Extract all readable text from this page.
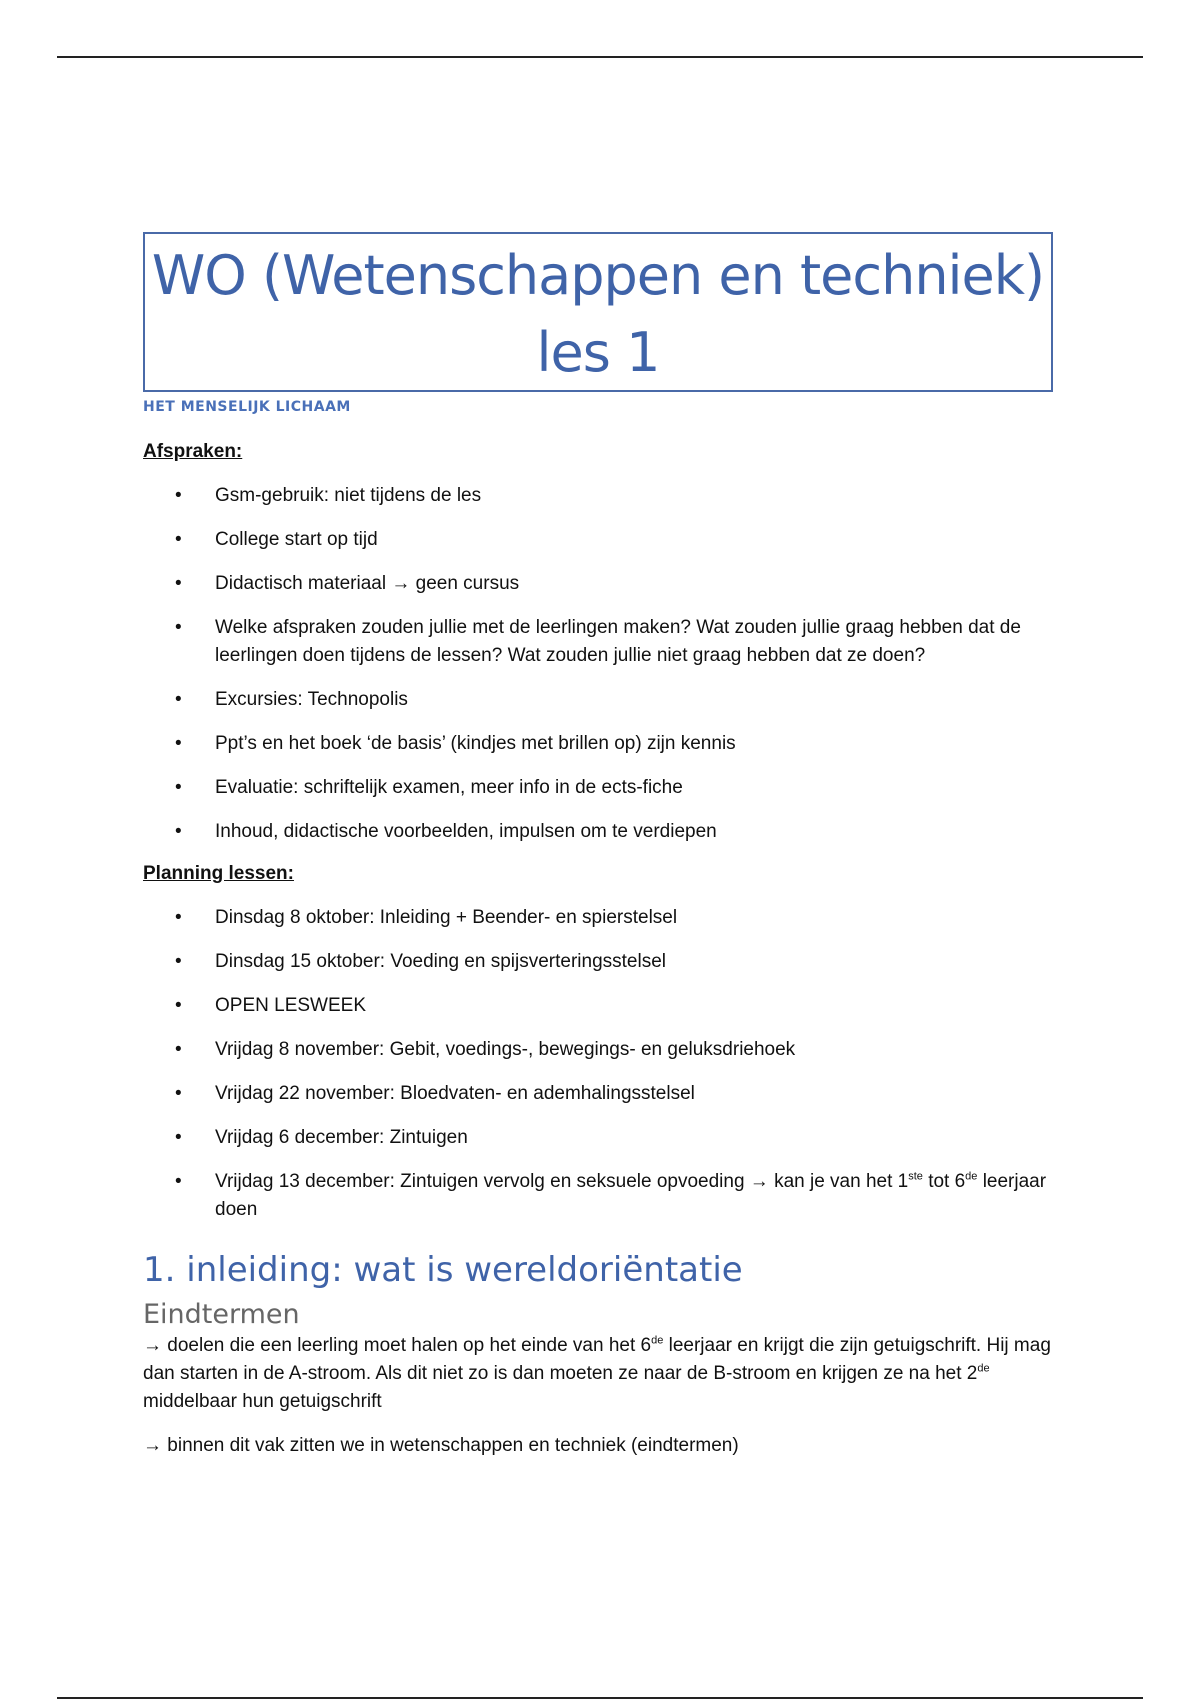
WO (Wetenschappen en techniek)
les 1
HET MENSELIJK LICHAAM

Afspraken:

• Gsm-gebruik: niet tijdens de les
• College start op tijd
• Didactisch materiaal → geen cursus
• Welke afspraken zouden jullie met de leerlingen maken? Wat zouden jullie graag hebben dat de leerlingen doen tijdens de lessen? Wat zouden jullie niet graag hebben dat ze doen?
• Excursies: Technopolis
• Ppt’s en het boek ‘de basis’ (kindjes met brillen op) zijn kennis
• Evaluatie: schriftelijk examen, meer info in de ects-fiche
• Inhoud, didactische voorbeelden, impulsen om te verdiepen

Planning lessen:

• Dinsdag 8 oktober: Inleiding + Beender- en spierstelsel
• Dinsdag 15 oktober: Voeding en spijsverteringsstelsel
• OPEN LESWEEK
• Vrijdag 8 november: Gebit, voedings-, bewegings- en geluksdriehoek
• Vrijdag 22 november: Bloedvaten- en ademhalingsstelsel
• Vrijdag 6 december: Zintuigen
• Vrijdag 13 december: Zintuigen vervolg en seksuele opvoeding → kan je van het 1ste tot 6de leerjaar doen
1. inleiding: wat is wereldoriëntatie
Eindtermen

→ doelen die een leerling moet halen op het einde van het 6de leerjaar en krijgt die zijn getuigschrift. Hij mag dan starten in de A-stroom. Als dit niet zo is dan moeten ze naar de B-stroom en krijgen ze na het 2de middelbaar hun getuigschrift

→ binnen dit vak zitten we in wetenschappen en techniek (eindtermen)
